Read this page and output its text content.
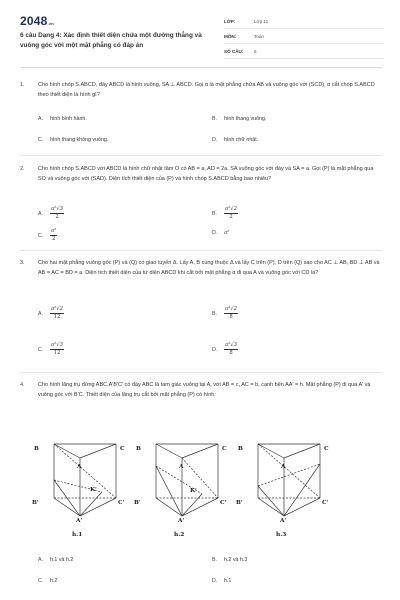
2048.vn
6 câu Dạng 4: Xác định thiết diện chứa một đường thẳng và vuông góc với một mặt phẳng có đáp án
LỚP:	Lớp 11
MÔN:	Toán
SỐ CÂU:	6
1. Cho hình chóp S.ABCD, đáy ABCD là hình vuông, SA ⊥ ABCD. Gọi α là mặt phẳng chứa AB và vuông góc với (SCD), α cắt chóp S.ABCD theo thiết diện là hình gì?
A.	hình bình hành.	B.	hình thang vuông.
C.	hình thang không vuông.	D.	hình chữ nhật.
2. Cho hình chóp S.ABCD với ABCD là hình chữ nhật tâm O có AB = a, AD = 2a. SA vuông góc với đáy và SA = a. Gọi (P) là mặt phẳng qua SO và vuông góc với (SAD). Diện tích thiết diện của (P) và hình chóp S.ABCD bằng bao nhiêu?
A.	$\frac{\text{a²√3}}{2}$	B.	$\frac{\text{a²√2}}{2}$
C.	$\frac{\text{a²}}{2}$	D.	a²
3. Cho hai mặt phẳng vuông góc (P) và (Q) có giao tuyến Δ. Lấy A, B cùng thuộc Δ và lấy C trên (P), D trên (Q) sao cho AC ⊥ AB, BD ⊥ AB và AB = AC = BD = a. Diện tích thiết diện của tứ diện ABCD khi cắt bởi mặt phẳng α đi qua A và vuông góc với CD là?
A.	$\frac{\text{a²√2}}{12}$	B.	$\frac{\text{a²√2}}{8}$
C.	$\frac{\text{a²√3}}{12}$	D.	$\frac{\text{a²√3}}{8}$
4. Cho hình lăng trụ đứng ABC.A'B'C' có đáy ABC là tam giác vuông tại A, với AB = c, AC = b, cạnh bên AA' = h. Mặt phẳng (P) đi qua A' và vuông góc với B'C. Thiết diện của lăng trụ cắt bởi mặt phẳng (P) có hình:
B	C
A
B'	C'
A'
K'
h.1
B	C
A
B'	C'
A'
K'
h.2
B	C
A
B'	C'
A'
h.3
A.	h.1 và h.2	B.	h.2 và h.3
C.	h.2	D.	h.1
